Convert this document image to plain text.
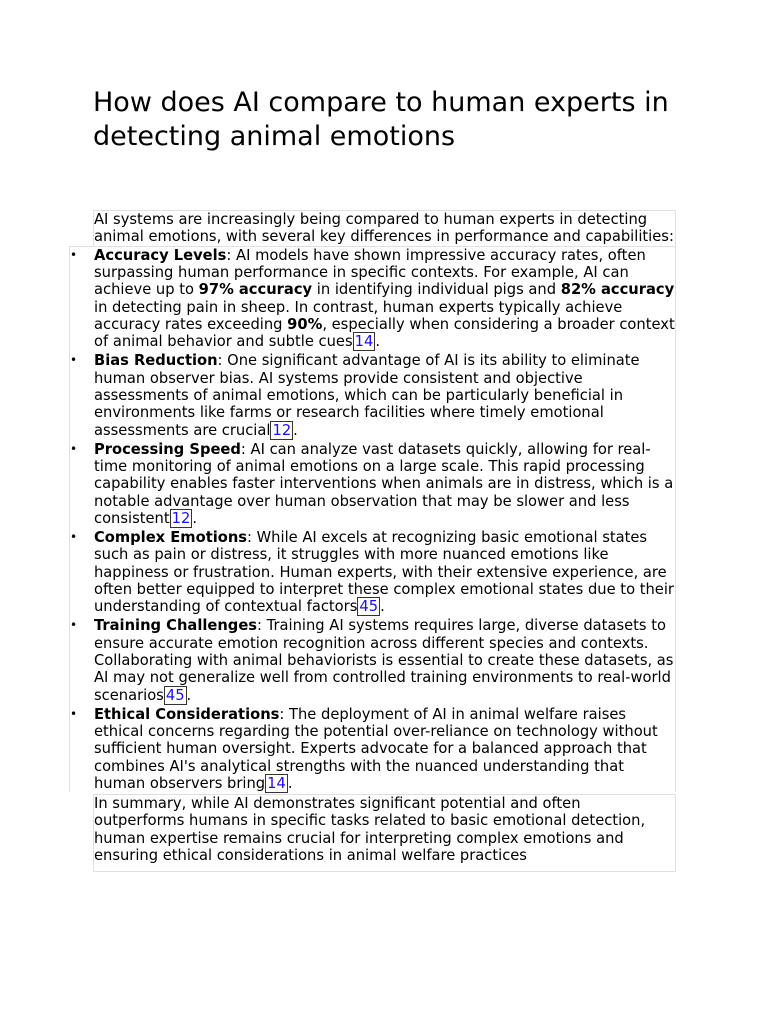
How does AI compare to human experts in detecting animal emotions

AI systems are increasingly being compared to human experts in detecting animal emotions, with several key differences in performance and capabilities:

• Accuracy Levels: AI models have shown impressive accuracy rates, often surpassing human performance in specific contexts. For example, AI can achieve up to 97% accuracy in identifying individual pigs and 82% accuracy in detecting pain in sheep. In contrast, human experts typically achieve accuracy rates exceeding 90%, especially when considering a broader context of animal behavior and subtle cues 14 .
• Bias Reduction: One significant advantage of AI is its ability to eliminate human observer bias. AI systems provide consistent and objective assessments of animal emotions, which can be particularly beneficial in environments like farms or research facilities where timely emotional assessments are crucial 12 .
• Processing Speed: AI can analyze vast datasets quickly, allowing for real-time monitoring of animal emotions on a large scale. This rapid processing capability enables faster interventions when animals are in distress, which is a notable advantage over human observation that may be slower and less consistent 12 .
• Complex Emotions: While AI excels at recognizing basic emotional states such as pain or distress, it struggles with more nuanced emotions like happiness or frustration. Human experts, with their extensive experience, are often better equipped to interpret these complex emotional states due to their understanding of contextual factors 45 .
• Training Challenges: Training AI systems requires large, diverse datasets to ensure accurate emotion recognition across different species and contexts. Collaborating with animal behaviorists is essential to create these datasets, as AI may not generalize well from controlled training environments to real-world scenarios 45 .
• Ethical Considerations: The deployment of AI in animal welfare raises ethical concerns regarding the potential over-reliance on technology without sufficient human oversight. Experts advocate for a balanced approach that combines AI's analytical strengths with the nuanced understanding that human observers bring 14 .

In summary, while AI demonstrates significant potential and often outperforms humans in specific tasks related to basic emotional detection, human expertise remains crucial for interpreting complex emotions and ensuring ethical considerations in animal welfare practices
